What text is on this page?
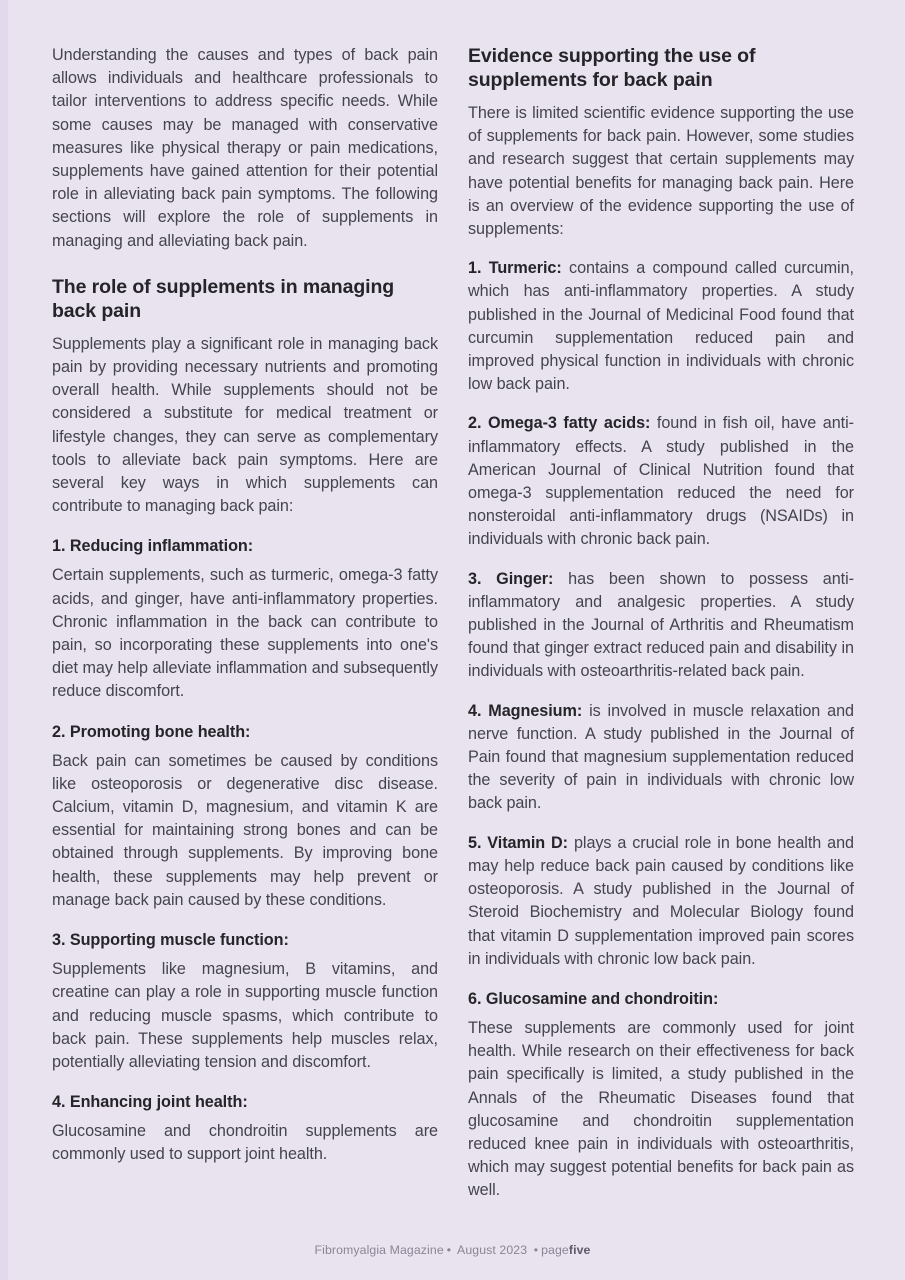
Understanding the causes and types of back pain allows individuals and healthcare professionals to tailor interventions to address specific needs. While some causes may be managed with conservative measures like physical therapy or pain medications, supplements have gained attention for their potential role in alleviating back pain symptoms. The following sections will explore the role of supplements in managing and alleviating back pain.

The role of supplements in managing back pain

Supplements play a significant role in managing back pain by providing necessary nutrients and promoting overall health. While supplements should not be considered a substitute for medical treatment or lifestyle changes, they can serve as complementary tools to alleviate back pain symptoms. Here are several key ways in which supplements can contribute to managing back pain:

1. Reducing inflammation:

Certain supplements, such as turmeric, omega-3 fatty acids, and ginger, have anti-inflammatory properties. Chronic inflammation in the back can contribute to pain, so incorporating these supplements into one's diet may help alleviate inflammation and subsequently reduce discomfort.

2. Promoting bone health:

Back pain can sometimes be caused by conditions like osteoporosis or degenerative disc disease. Calcium, vitamin D, magnesium, and vitamin K are essential for maintaining strong bones and can be obtained through supplements. By improving bone health, these supplements may help prevent or manage back pain caused by these conditions.

3. Supporting muscle function:

Supplements like magnesium, B vitamins, and creatine can play a role in supporting muscle function and reducing muscle spasms, which contribute to back pain. These supplements help muscles relax, potentially alleviating tension and discomfort.

4. Enhancing joint health:

Glucosamine and chondroitin supplements are commonly used to support joint health.

Evidence supporting the use of supplements for back pain

There is limited scientific evidence supporting the use of supplements for back pain. However, some studies and research suggest that certain supplements may have potential benefits for managing back pain. Here is an overview of the evidence supporting the use of supplements:

1. Turmeric: contains a compound called curcumin, which has anti-inflammatory properties. A study published in the Journal of Medicinal Food found that curcumin supplementation reduced pain and improved physical function in individuals with chronic low back pain.

2. Omega-3 fatty acids: found in fish oil, have anti-inflammatory effects. A study published in the American Journal of Clinical Nutrition found that omega-3 supplementation reduced the need for nonsteroidal anti-inflammatory drugs (NSAIDs) in individuals with chronic back pain.

3. Ginger: has been shown to possess anti-inflammatory and analgesic properties. A study published in the Journal of Arthritis and Rheumatism found that ginger extract reduced pain and disability in individuals with osteoarthritis-related back pain.

4. Magnesium: is involved in muscle relaxation and nerve function. A study published in the Journal of Pain found that magnesium supplementation reduced the severity of pain in individuals with chronic low back pain.

5. Vitamin D: plays a crucial role in bone health and may help reduce back pain caused by conditions like osteoporosis. A study published in the Journal of Steroid Biochemistry and Molecular Biology found that vitamin D supplementation improved pain scores in individuals with chronic low back pain.

6. Glucosamine and chondroitin:

These supplements are commonly used for joint health. While research on their effectiveness for back pain specifically is limited, a study published in the Annals of the Rheumatic Diseases found that glucosamine and chondroitin supplementation reduced knee pain in individuals with osteoarthritis, which may suggest potential benefits for back pain as well.

Fibromyalgia Magazine • August 2023 • pagefive
